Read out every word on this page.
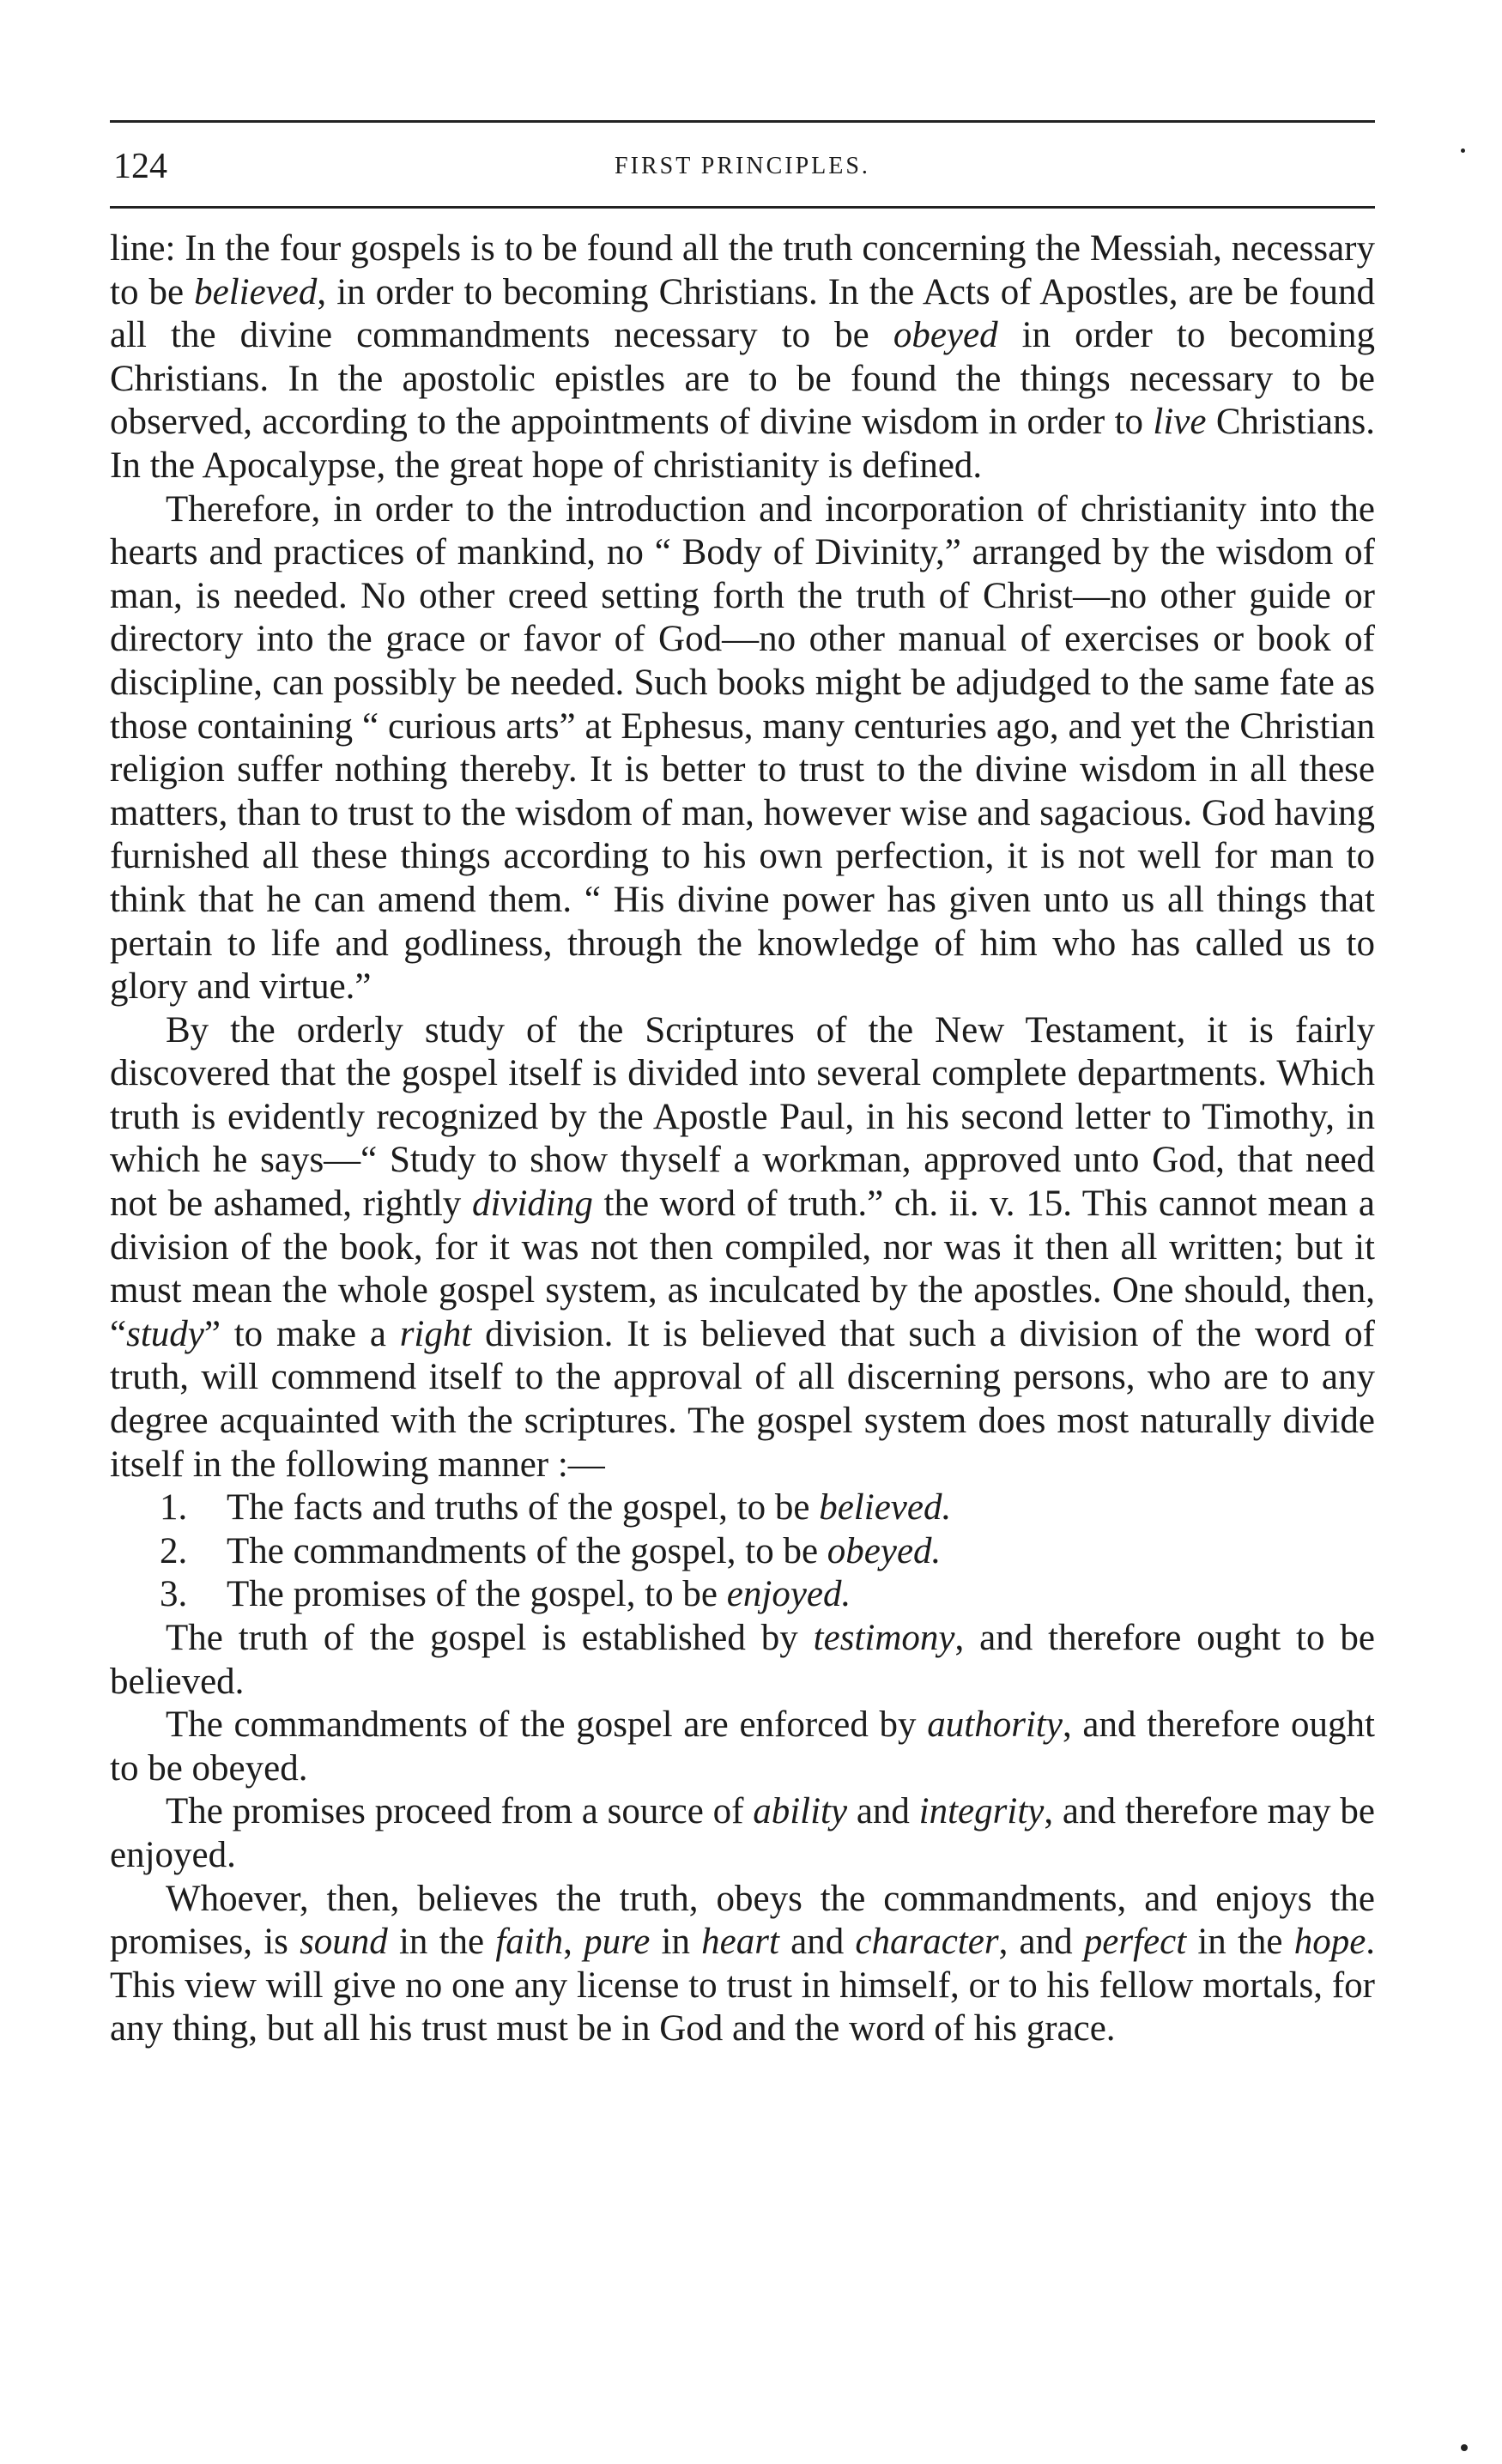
124	FIRST PRINCIPLES.

line: In the four gospels is to be found all the truth concerning the Messiah, necessary to be believed, in order to becoming Christians. In the Acts of Apostles, are be found all the divine commandments necessary to be obeyed in order to becoming Christians. In the apostolic epistles are to be found the things necessary to be observed, according to the appointments of divine wisdom in order to live Christians. In the Apocalypse, the great hope of christianity is defined.

Therefore, in order to the introduction and incorporation of christianity into the hearts and practices of mankind, no “ Body of Divinity,” arranged by the wisdom of man, is needed. No other creed setting forth the truth of Christ—no other guide or directory into the grace or favor of God—no other manual of exercises or book of discipline, can possibly be needed. Such books might be adjudged to the same fate as those containing “ curious arts” at Ephesus, many centuries ago, and yet the Christian religion suffer nothing thereby. It is better to trust to the divine wisdom in all these matters, than to trust to the wisdom of man, however wise and sagacious. God having furnished all these things according to his own perfection, it is not well for man to think that he can amend them. “ His divine power has given unto us all things that pertain to life and godliness, through the knowledge of him who has called us to glory and virtue.”

By the orderly study of the Scriptures of the New Testament, it is fairly discovered that the gospel itself is divided into several complete departments. Which truth is evidently recognized by the Apostle Paul, in his second letter to Timothy, in which he says—“ Study to show thyself a workman, approved unto God, that need not be ashamed, rightly dividing the word of truth.” ch. ii. v. 15. This cannot mean a division of the book, for it was not then compiled, nor was it then all written; but it must mean the whole gospel system, as inculcated by the apostles. One should, then, “study” to make a right division. It is believed that such a division of the word of truth, will commend itself to the approval of all discerning persons, who are to any degree acquainted with the scriptures. The gospel system does most naturally divide itself in the following manner :—

1.	The facts and truths of the gospel, to be believed.
2.	The commandments of the gospel, to be obeyed.
3.	The promises of the gospel, to be enjoyed.

The truth of the gospel is established by testimony, and therefore ought to be believed.

The commandments of the gospel are enforced by authority, and therefore ought to be obeyed.

The promises proceed from a source of ability and integrity, and therefore may be enjoyed.

Whoever, then, believes the truth, obeys the commandments, and enjoys the promises, is sound in the faith, pure in heart and character, and perfect in the hope. This view will give no one any license to trust in himself, or to his fellow mortals, for any thing, but all his trust must be in God and the word of his grace.
